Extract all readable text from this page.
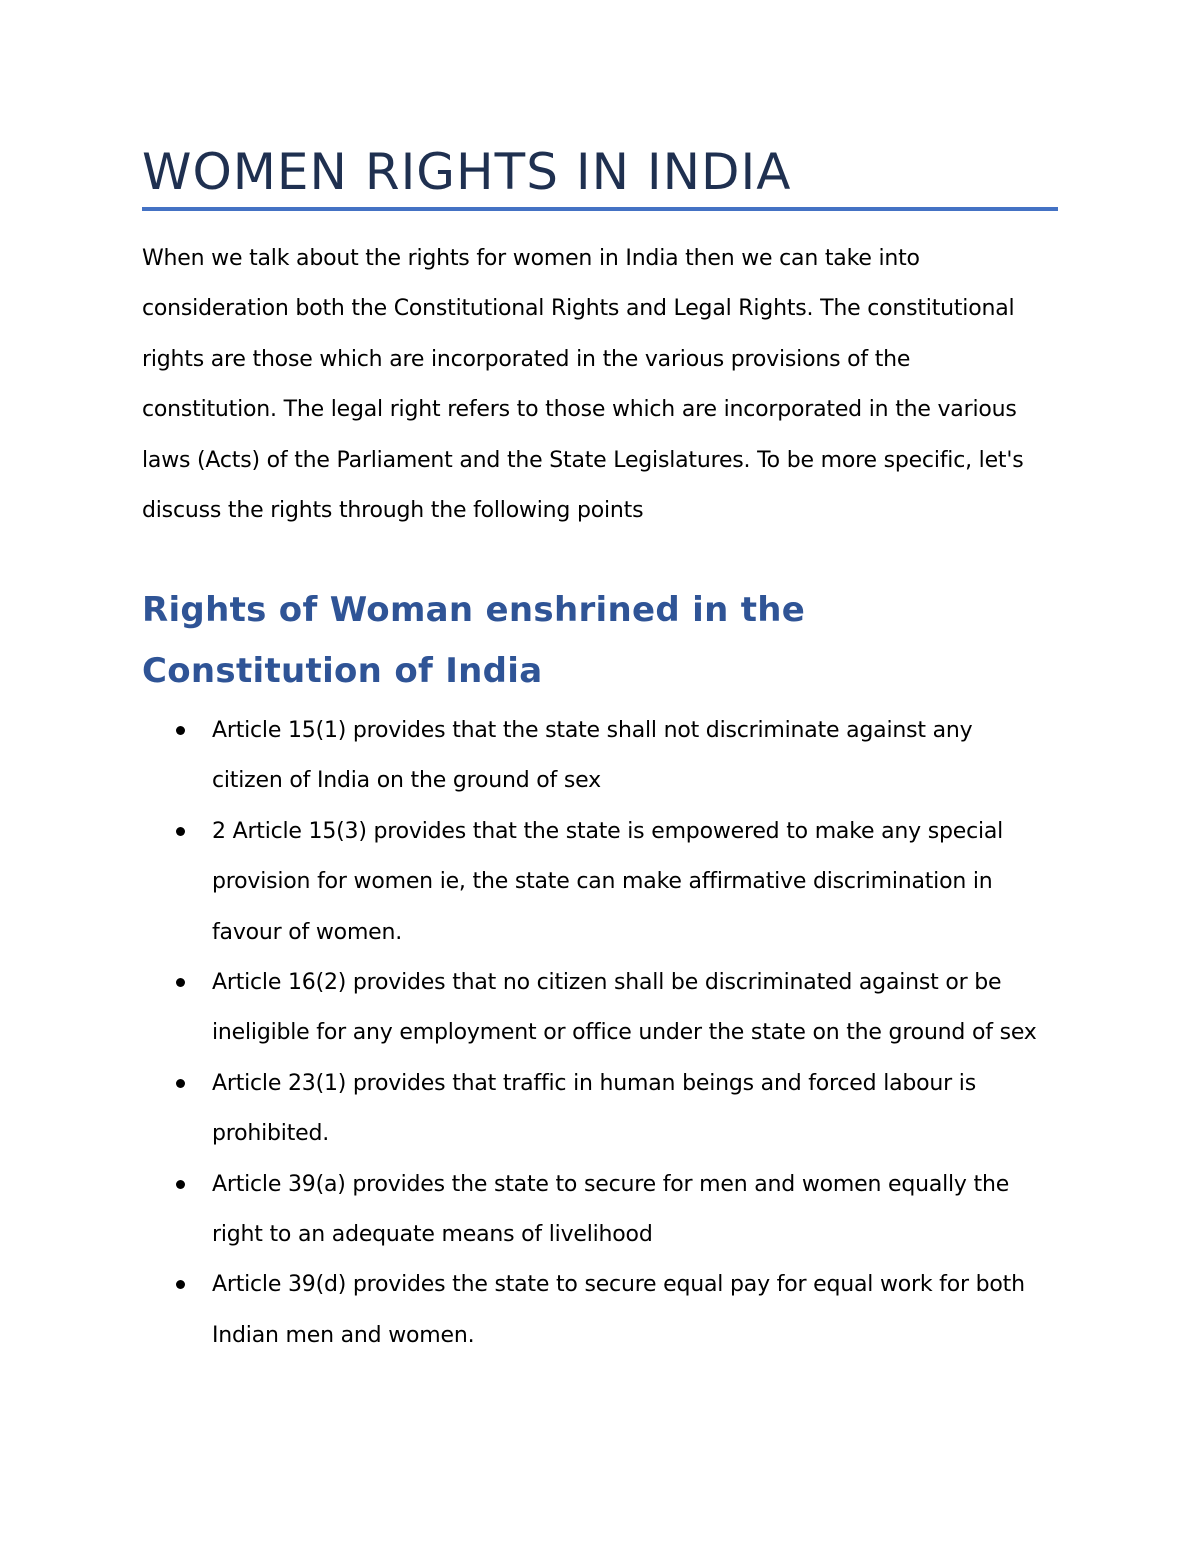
WOMEN RIGHTS IN INDIA

When we talk about the rights for women in India then we can take into
consideration both the Constitutional Rights and Legal Rights. The constitutional
rights are those which are incorporated in the various provisions of the
constitution. The legal right refers to those which are incorporated in the various
laws (Acts) of the Parliament and the State Legislatures. To be more specific, let's
discuss the rights through the following points

Rights of Woman enshrined in the
Constitution of India
Article 15(1) provides that the state shall not discriminate against any
citizen of India on the ground of sex
2 Article 15(3) provides that the state is empowered to make any special
provision for women ie, the state can make affirmative discrimination in
favour of women.
Article 16(2) provides that no citizen shall be discriminated against or be
ineligible for any employment or office under the state on the ground of sex
Article 23(1) provides that traffic in human beings and forced labour is
prohibited.
Article 39(a) provides the state to secure for men and women equally the
right to an adequate means of livelihood
Article 39(d) provides the state to secure equal pay for equal work for both
Indian men and women.
